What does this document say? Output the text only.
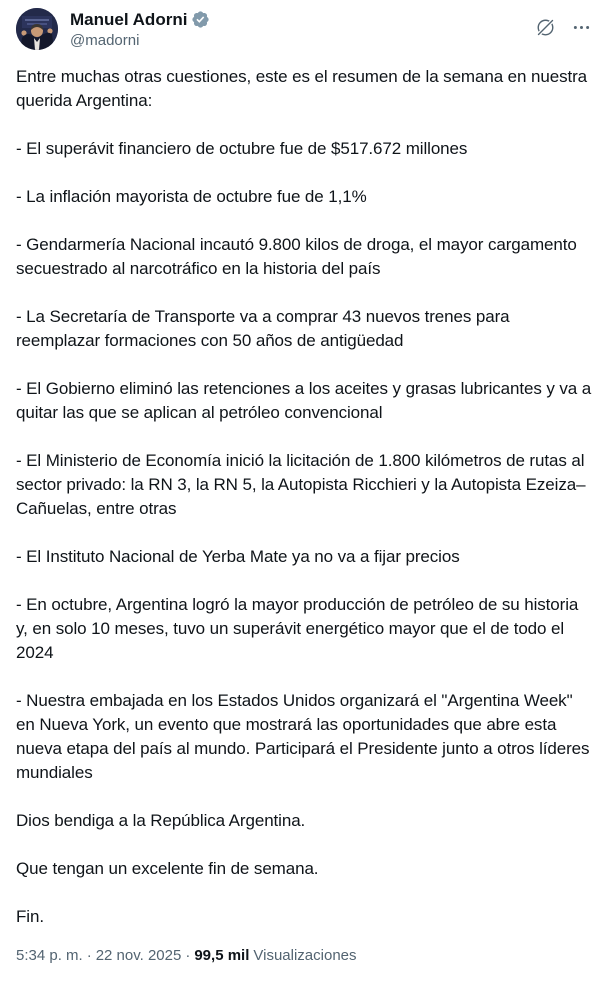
Manuel Adorni
@madorni

Entre muchas otras cuestiones, este es el resumen de la semana en nuestra querida Argentina:

- El superávit financiero de octubre fue de $517.672 millones

- La inflación mayorista de octubre fue de 1,1%

- Gendarmería Nacional incautó 9.800 kilos de droga, el mayor cargamento secuestrado al narcotráfico en la historia del país

- La Secretaría de Transporte va a comprar 43 nuevos trenes para reemplazar formaciones con 50 años de antigüedad

- El Gobierno eliminó las retenciones a los aceites y grasas lubricantes y va a quitar las que se aplican al petróleo convencional

- El Ministerio de Economía inició la licitación de 1.800 kilómetros de rutas al sector privado: la RN 3, la RN 5, la Autopista Ricchieri y la Autopista Ezeiza–Cañuelas, entre otras

- El Instituto Nacional de Yerba Mate ya no va a fijar precios

- En octubre, Argentina logró la mayor producción de petróleo de su historia y, en solo 10 meses, tuvo un superávit energético mayor que el de todo el 2024

- Nuestra embajada en los Estados Unidos organizará el "Argentina Week" en Nueva York, un evento que mostrará las oportunidades que abre esta nueva etapa del país al mundo. Participará el Presidente junto a otros líderes mundiales

Dios bendiga a la República Argentina.

Que tengan un excelente fin de semana.

Fin.

5:34 p. m. · 22 nov. 2025 · 99,5 mil Visualizaciones
